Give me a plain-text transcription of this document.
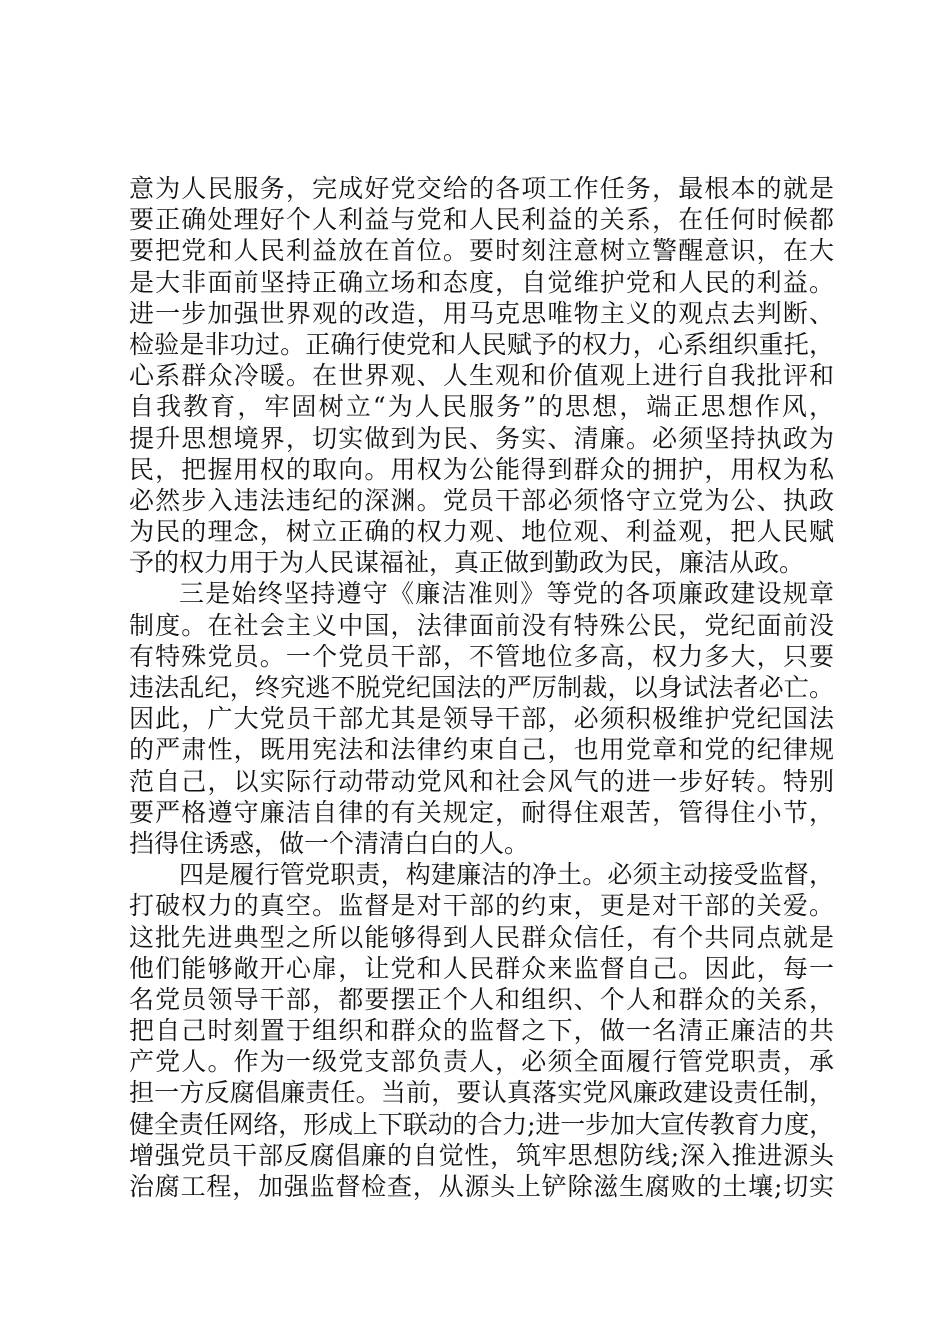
意为人民服务，完成好党交给的各项工作任务，最根本的就是
要正确处理好个人利益与党和人民利益的关系，在任何时候都
要把党和人民利益放在首位。要时刻注意树立警醒意识，在大
是大非面前坚持正确立场和态度，自觉维护党和人民的利益。
进一步加强世界观的改造，用马克思唯物主义的观点去判断、
检验是非功过。正确行使党和人民赋予的权力，心系组织重托，
心系群众冷暖。在世界观、人生观和价值观上进行自我批评和
自我教育，牢固树立“为人民服务”的思想，端正思想作风，
提升思想境界，切实做到为民、务实、清廉。必须坚持执政为
民，把握用权的取向。用权为公能得到群众的拥护，用权为私
必然步入违法违纪的深渊。党员干部必须恪守立党为公、执政
为民的理念，树立正确的权力观、地位观、利益观，把人民赋
予的权力用于为人民谋福祉，真正做到勤政为民，廉洁从政。
三是始终坚持遵守《廉洁准则》等党的各项廉政建设规章
制度。在社会主义中国，法律面前没有特殊公民，党纪面前没
有特殊党员。一个党员干部，不管地位多高，权力多大，只要
违法乱纪，终究逃不脱党纪国法的严厉制裁，以身试法者必亡。
因此，广大党员干部尤其是领导干部，必须积极维护党纪国法
的严肃性，既用宪法和法律约束自己，也用党章和党的纪律规
范自己，以实际行动带动党风和社会风气的进一步好转。特别
要严格遵守廉洁自律的有关规定，耐得住艰苦，管得住小节，
挡得住诱惑，做一个清清白白的人。
四是履行管党职责，构建廉洁的净土。必须主动接受监督，
打破权力的真空。监督是对干部的约束，更是对干部的关爱。
这批先进典型之所以能够得到人民群众信任，有个共同点就是
他们能够敞开心扉，让党和人民群众来监督自己。因此，每一
名党员领导干部，都要摆正个人和组织、个人和群众的关系，
把自己时刻置于组织和群众的监督之下，做一名清正廉洁的共
产党人。作为一级党支部负责人，必须全面履行管党职责，承
担一方反腐倡廉责任。当前，要认真落实党风廉政建设责任制，
健全责任网络，形成上下联动的合力;进一步加大宣传教育力度，
增强党员干部反腐倡廉的自觉性，筑牢思想防线;深入推进源头
治腐工程，加强监督检查，从源头上铲除滋生腐败的土壤;切实
